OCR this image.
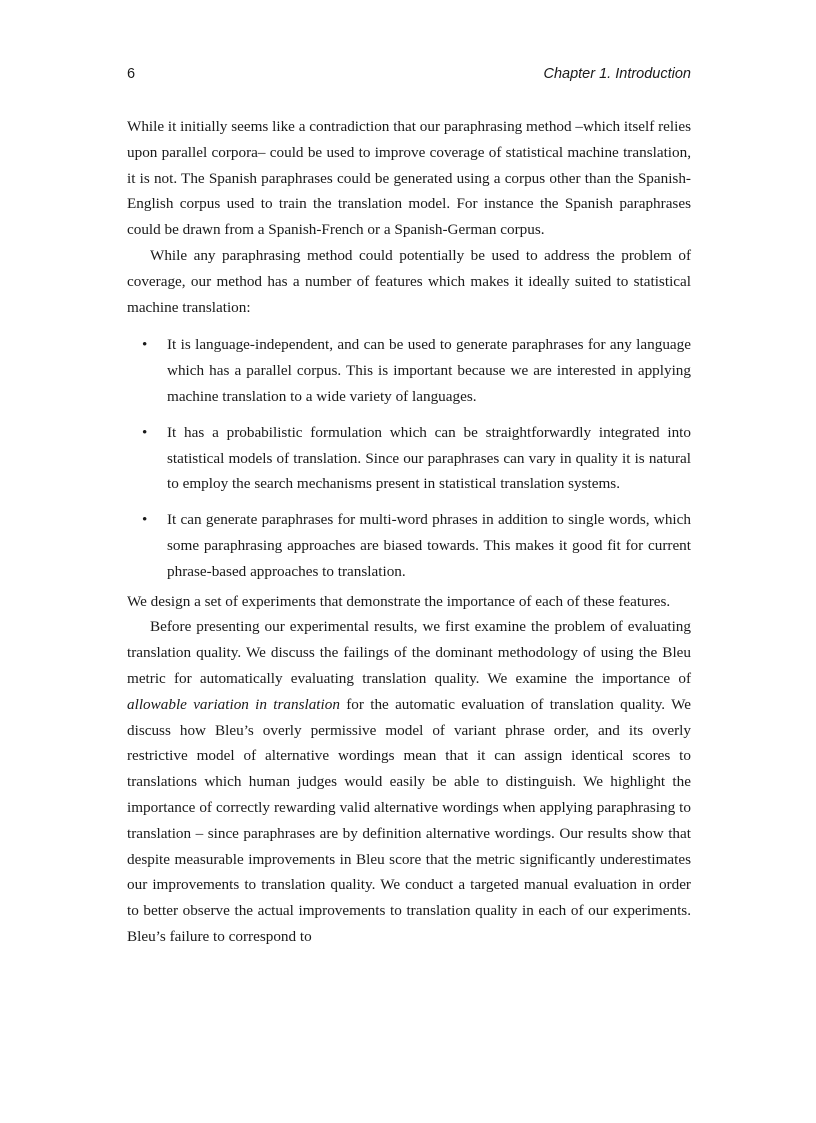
6	Chapter 1. Introduction

While it initially seems like a contradiction that our paraphrasing method –which itself relies upon parallel corpora– could be used to improve coverage of statistical machine translation, it is not. The Spanish paraphrases could be generated using a corpus other than the Spanish-English corpus used to train the translation model. For instance the Spanish paraphrases could be drawn from a Spanish-French or a Spanish-German corpus.

While any paraphrasing method could potentially be used to address the problem of coverage, our method has a number of features which makes it ideally suited to statistical machine translation:

• It is language-independent, and can be used to generate paraphrases for any language which has a parallel corpus. This is important because we are interested in applying machine translation to a wide variety of languages.
• It has a probabilistic formulation which can be straightforwardly integrated into statistical models of translation. Since our paraphrases can vary in quality it is natural to employ the search mechanisms present in statistical translation systems.
• It can generate paraphrases for multi-word phrases in addition to single words, which some paraphrasing approaches are biased towards. This makes it good fit for current phrase-based approaches to translation.

We design a set of experiments that demonstrate the importance of each of these features.

Before presenting our experimental results, we first examine the problem of evaluating translation quality. We discuss the failings of the dominant methodology of using the Bleu metric for automatically evaluating translation quality. We examine the importance of allowable variation in translation for the automatic evaluation of translation quality. We discuss how Bleu’s overly permissive model of variant phrase order, and its overly restrictive model of alternative wordings mean that it can assign identical scores to translations which human judges would easily be able to distinguish. We highlight the importance of correctly rewarding valid alternative wordings when applying paraphrasing to translation – since paraphrases are by definition alternative wordings. Our results show that despite measurable improvements in Bleu score that the metric significantly underestimates our improvements to translation quality. We conduct a targeted manual evaluation in order to better observe the actual improvements to translation quality in each of our experiments. Bleu’s failure to correspond to
